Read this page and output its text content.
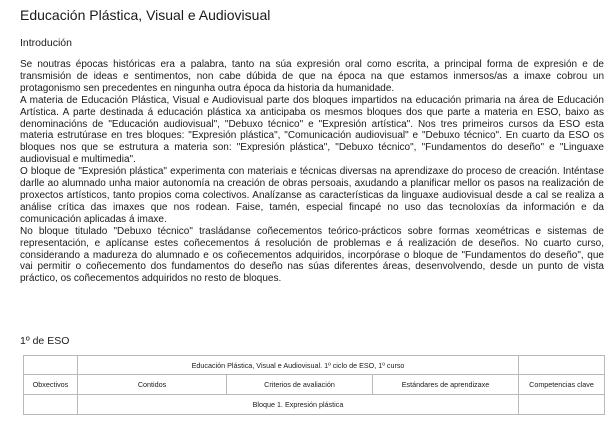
Educación Plástica, Visual e Audiovisual
Introdución

Se noutras épocas históricas era a palabra, tanto na súa expresión oral como escrita, a principal forma de expresión e de transmisión de ideas e sentimentos, non cabe dúbida de que na época na que estamos inmersos/as a imaxe cobrou un protagonismo sen precedentes en ningunha outra época da historia da humanidade.

A materia de Educación Plástica, Visual e Audiovisual parte dos bloques impartidos na educación primaria na área de Educación Artística. A parte destinada á educación plástica xa anticipaba os mesmos bloques dos que parte a materia en ESO, baixo as denominacións de "Educación audiovisual", "Debuxo técnico" e "Expresión artística". Nos tres primeiros cursos da ESO esta materia estrutúrase en tres bloques: "Expresión plástica", "Comunicación audiovisual" e "Debuxo técnico". En cuarto da ESO os bloques nos que se estrutura a materia son: "Expresión plástica", "Debuxo técnico", "Fundamentos do deseño" e "Linguaxe audiovisual e multimedia".

O bloque de "Expresión plástica" experimenta con materiais e técnicas diversas na aprendizaxe do proceso de creación. Inténtase darlle ao alumnado unha maior autonomía na creación de obras persoais, axudando a planificar mellor os pasos na realización de proxectos artísticos, tanto propios coma colectivos. Analízanse as características da linguaxe audiovisual desde a cal se realiza a análise crítica das imaxes que nos rodean. Faise, tamén, especial fincapé no uso das tecnoloxías da información e da comunicación aplicadas á imaxe.

No bloque titulado "Debuxo técnico" trasládanse coñecementos teórico-prácticos sobre formas xeométricas e sistemas de representación, e aplícanse estes coñecementos á resolución de problemas e á realización de deseños. No cuarto curso, considerando a madureza do alumnado e os coñecementos adquiridos, incorpórase o bloque de "Fundamentos do deseño", que vai permitir o coñecemento dos fundamentos do deseño nas súas diferentes áreas, desenvolvendo, desde un punto de vista práctico, os coñecementos adquiridos no resto de bloques.

1º de ESO
	Educación Plástica, Visual e Audiovisual. 1º ciclo de ESO, 1º curso			
Obxectivos	Contidos	Criterios de avaliación	Estándares de aprendizaxe	Competencias clave
	Bloque 1. Expresión plástica			
